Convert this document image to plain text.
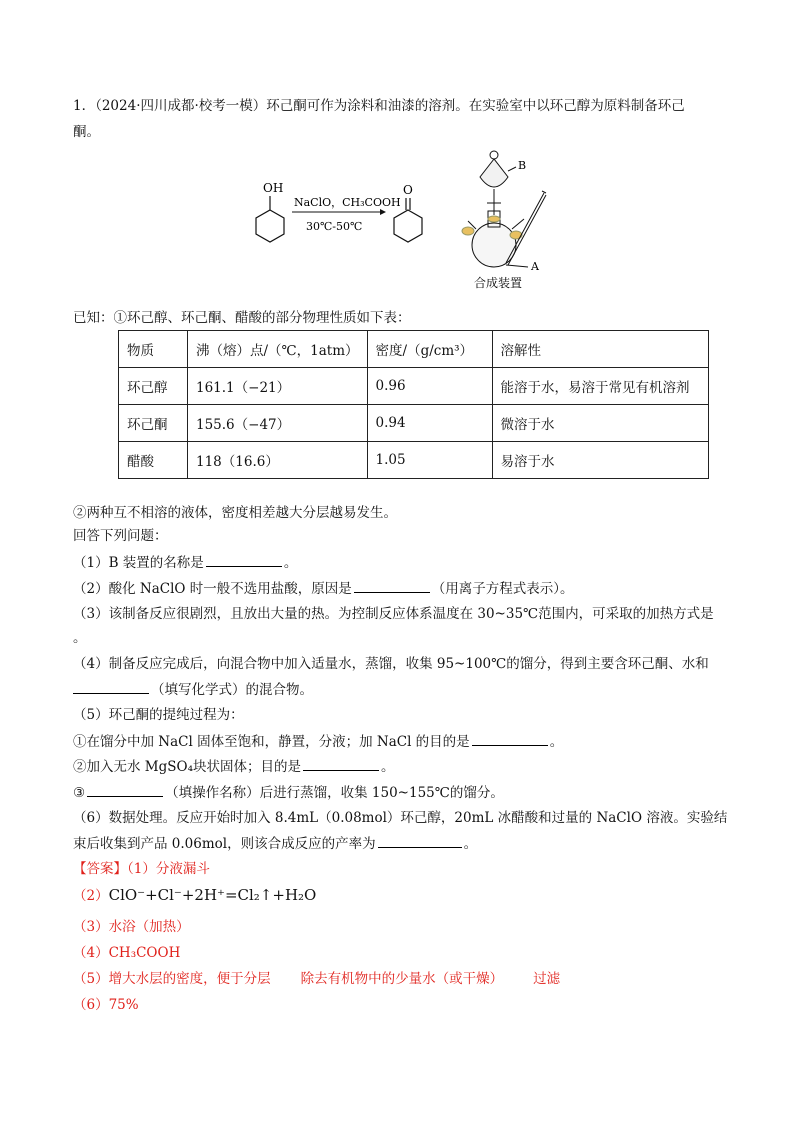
1．（2024·四川成都·校考一模）环己酮可作为涂料和油漆的溶剂。在实验室中以环己醇为原料制备环己
酮。
OH
NaClO，CH₃COOH
30℃-50℃
O
B
A
合成装置
已知：①环己醇、环己酮、醋酸的部分物理性质如下表：
物质	沸（熔）点/（℃，1atm）	密度/（g/cm³）	溶解性
环己醇	161.1（−21）	0.96	能溶于水，易溶于常见有机溶剂
环己酮	155.6（−47）	0.94	微溶于水
醋酸	118（16.6）	1.05	易溶于水
②两种互不相溶的液体，密度相差越大分层越易发生。
回答下列问题：
（1）B 装置的名称是	。
（2）酸化 NaClO 时一般不选用盐酸，原因是	（用离子方程式表示）。
（3）该制备反应很剧烈，且放出大量的热。为控制反应体系温度在 30~35℃范围内，可采取的加热方式是
。
（4）制备反应完成后，向混合物中加入适量水，蒸馏，收集 95~100℃的馏分，得到主要含环己酮、水和
（填写化学式）的混合物。
（5）环己酮的提纯过程为：
①在馏分中加 NaCl 固体至饱和，静置，分液；加 NaCl 的目的是	。
②加入无水 MgSO₄块状固体；目的是	。
③	（填操作名称）后进行蒸馏，收集 150~155℃的馏分。
（6）数据处理。反应开始时加入 8.4mL（0.08mol）环己醇，20mL 冰醋酸和过量的 NaClO 溶液。实验结
束后收集到产品 0.06mol，则该合成反应的产率为	。
【答案】（1）分液漏斗
（2）ClO⁻+Cl⁻+2H⁺=Cl₂↑+H₂O
（3）水浴（加热）
（4）CH₃COOH
（5）增大水层的密度，便于分层 除去有机物中的少量水（或干燥） 过滤
（6）75%
